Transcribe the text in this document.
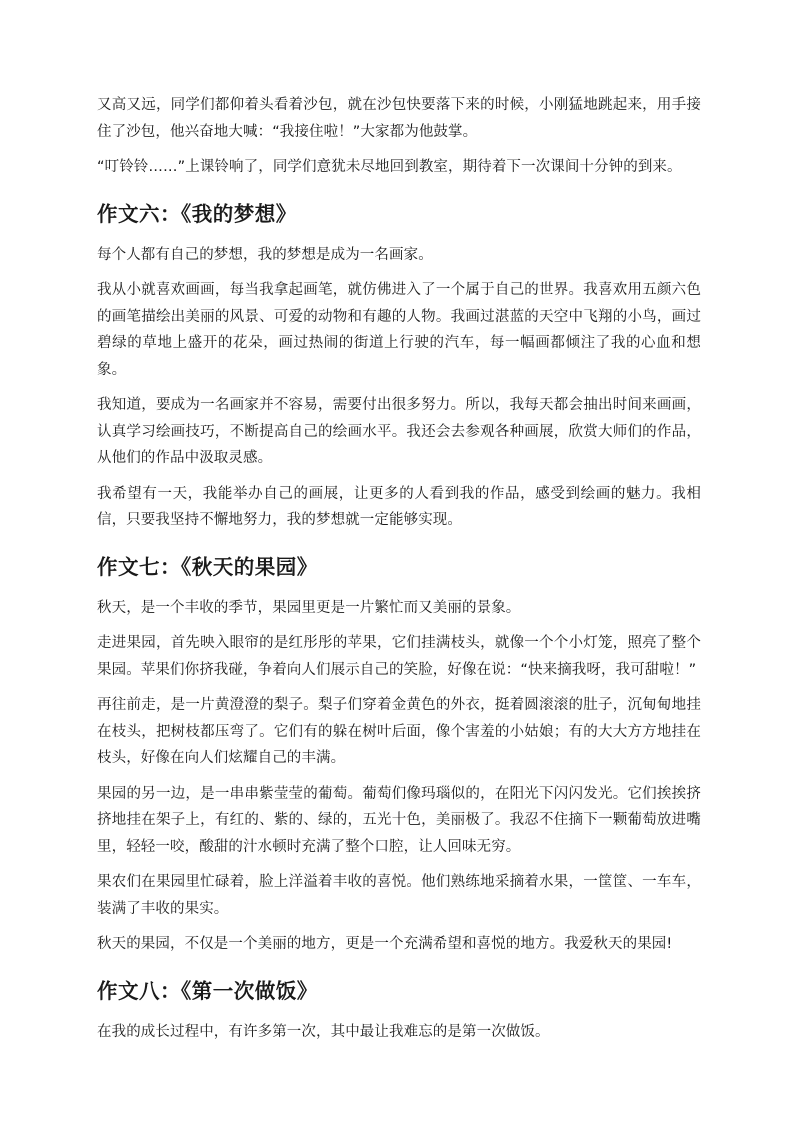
又高又远，同学们都仰着头看着沙包，就在沙包快要落下来的时候，小刚猛地跳起来，用手接住了沙包，他兴奋地大喊：“我接住啦！”大家都为他鼓掌。

“叮铃铃……”上课铃响了，同学们意犹未尽地回到教室，期待着下一次课间十分钟的到来。

作文六：《我的梦想》

每个人都有自己的梦想，我的梦想是成为一名画家。

我从小就喜欢画画，每当我拿起画笔，就仿佛进入了一个属于自己的世界。我喜欢用五颜六色的画笔描绘出美丽的风景、可爱的动物和有趣的人物。我画过湛蓝的天空中飞翔的小鸟，画过碧绿的草地上盛开的花朵，画过热闹的街道上行驶的汽车，每一幅画都倾注了我的心血和想象。

我知道，要成为一名画家并不容易，需要付出很多努力。所以，我每天都会抽出时间来画画，认真学习绘画技巧，不断提高自己的绘画水平。我还会去参观各种画展，欣赏大师们的作品，从他们的作品中汲取灵感。

我希望有一天，我能举办自己的画展，让更多的人看到我的作品，感受到绘画的魅力。我相信，只要我坚持不懈地努力，我的梦想就一定能够实现。

作文七：《秋天的果园》

秋天，是一个丰收的季节，果园里更是一片繁忙而又美丽的景象。

走进果园，首先映入眼帘的是红彤彤的苹果，它们挂满枝头，就像一个个小灯笼，照亮了整个果园。苹果们你挤我碰，争着向人们展示自己的笑脸，好像在说：“快来摘我呀，我可甜啦！”

再往前走，是一片黄澄澄的梨子。梨子们穿着金黄色的外衣，挺着圆滚滚的肚子，沉甸甸地挂在枝头，把树枝都压弯了。它们有的躲在树叶后面，像个害羞的小姑娘；有的大大方方地挂在枝头，好像在向人们炫耀自己的丰满。

果园的另一边，是一串串紫莹莹的葡萄。葡萄们像玛瑙似的，在阳光下闪闪发光。它们挨挨挤挤地挂在架子上，有红的、紫的、绿的，五光十色，美丽极了。我忍不住摘下一颗葡萄放进嘴里，轻轻一咬，酸甜的汁水顿时充满了整个口腔，让人回味无穷。

果农们在果园里忙碌着，脸上洋溢着丰收的喜悦。他们熟练地采摘着水果，一筐筐、一车车，装满了丰收的果实。

秋天的果园，不仅是一个美丽的地方，更是一个充满希望和喜悦的地方。我爱秋天的果园!

作文八：《第一次做饭》

在我的成长过程中，有许多第一次，其中最让我难忘的是第一次做饭。
